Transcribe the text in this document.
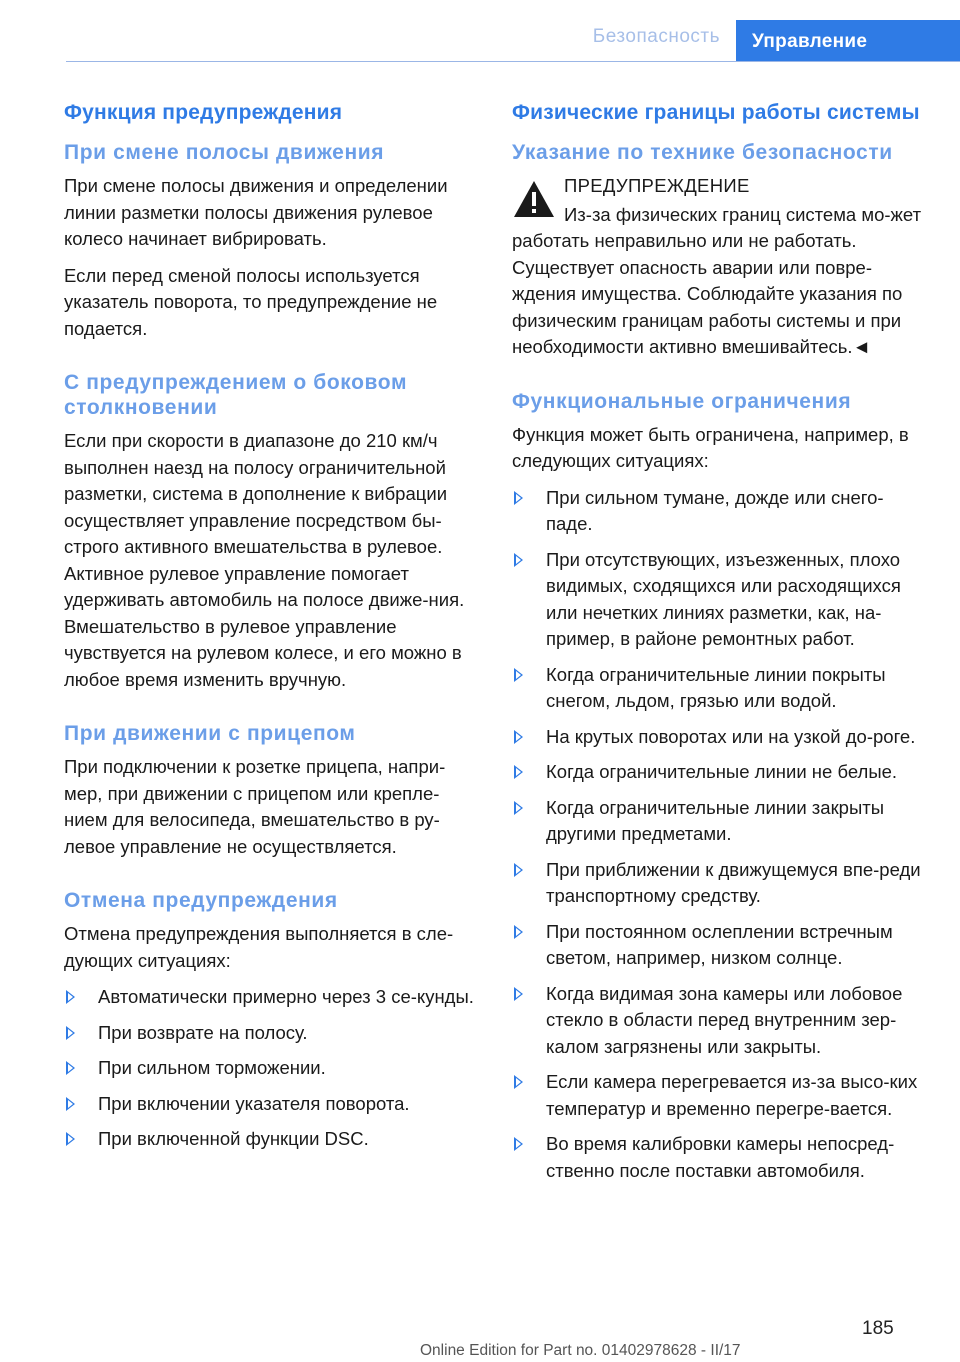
Безопасность	Управление
Функция предупреждения
При смене полосы движения

При смене полосы движения и определении линии разметки полосы движения рулевое колесо начинает вибрировать.

Если перед сменой полосы используется указатель поворота, то предупреждение не подается.

С предупреждением о боковом столкновении

Если при скорости в диапазоне до 210 км/ч выполнен наезд на полосу ограничительной разметки, система в дополнение к вибрации осуществляет управление посредством бы-строго активного вмешательства в рулевое. Активное рулевое управление помогает удерживать автомобиль на полосе движе-ния. Вмешательство в рулевое управление чувствуется на рулевом колесе, и его можно в любое время изменить вручную.

При движении с прицепом

При подключении к розетке прицепа, напри-мер, при движении с прицепом или крепле-нием для велосипеда, вмешательство в ру-левое управление не осуществляется.

Отмена предупреждения

Отмена предупреждения выполняется в сле-дующих ситуациях:

Автоматически примерно через 3 се-кунды.
При возврате на полосу.
При сильном торможении.
При включении указателя поворота.
При включенной функции DSC.
Физические границы работы системы
Указание по технике безопасности
ПРЕДУПРЕЖДЕНИЕ

Из-за физических границ система мо-жет работать неправильно или не работать. Существует опасность аварии или повре-ждения имущества. Соблюдайте указания по физическим границам работы системы и при необходимости активно вмешивайтесь.◄

Функциональные ограничения

Функция может быть ограничена, например, в следующих ситуациях:

При сильном тумане, дожде или снего-паде.
При отсутствующих, изъезженных, плохо видимых, сходящихся или расходящихся или нечетких линиях разметки, как, на-пример, в районе ремонтных работ.
Когда ограничительные линии покрыты снегом, льдом, грязью или водой.
На крутых поворотах или на узкой до-роге.
Когда ограничительные линии не белые.
Когда ограничительные линии закрыты другими предметами.
При приближении к движущемуся впе-реди транспортному средству.
При постоянном ослеплении встречным светом, например, низком солнце.
Когда видимая зона камеры или лобовое стекло в области перед внутренним зер-калом загрязнены или закрыты.
Если камера перегревается из-за высо-ких температур и временно перегре-вается.
Во время калибровки камеры непосред-ственно после поставки автомобиля.
185
Online Edition for Part no. 01402978628 - II/17
